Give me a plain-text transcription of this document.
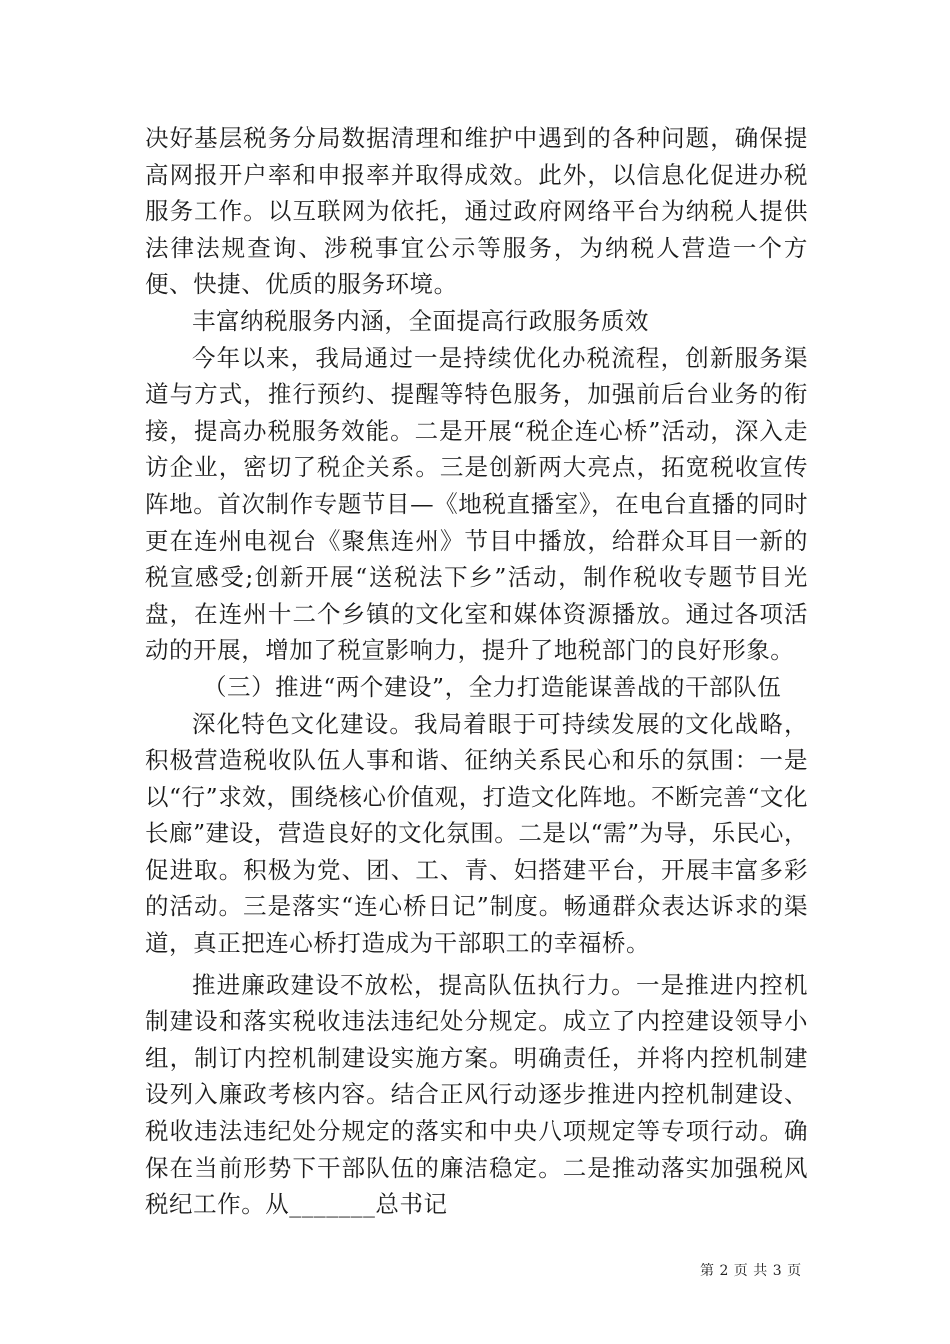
决好基层税务分局数据清理和维护中遇到的各种问题，确保提高网报开户率和申报率并取得成效。此外，以信息化促进办税服务工作。以互联网为依托，通过政府网络平台为纳税人提供法律法规查询、涉税事宜公示等服务，为纳税人营造一个方便、快捷、优质的服务环境。

丰富纳税服务内涵，全面提高行政服务质效

今年以来，我局通过一是持续优化办税流程，创新服务渠道与方式，推行预约、提醒等特色服务，加强前后台业务的衔接，提高办税服务效能。二是开展“税企连心桥”活动，深入走访企业，密切了税企关系。三是创新两大亮点，拓宽税收宣传阵地。首次制作专题节目—《地税直播室》，在电台直播的同时更在连州电视台《聚焦连州》节目中播放，给群众耳目一新的税宣感受;创新开展“送税法下乡”活动，制作税收专题节目光盘，在连州十二个乡镇的文化室和媒体资源播放。通过各项活动的开展，增加了税宣影响力，提升了地税部门的良好形象。

（三）推进“两个建设”，全力打造能谋善战的干部队伍

深化特色文化建设。我局着眼于可持续发展的文化战略，积极营造税收队伍人事和谐、征纳关系民心和乐的氛围：一是以“行”求效，围绕核心价值观，打造文化阵地。不断完善“文化长廊”建设，营造良好的文化氛围。二是以“需”为导，乐民心，促进取。积极为党、团、工、青、妇搭建平台，开展丰富多彩的活动。三是落实“连心桥日记”制度。畅通群众表达诉求的渠道，真正把连心桥打造成为干部职工的幸福桥。

推进廉政建设不放松，提高队伍执行力。一是推进内控机制建设和落实税收违法违纪处分规定。成立了内控建设领导小组，制订内控机制建设实施方案。明确责任，并将内控机制建设列入廉政考核内容。结合正风行动逐步推进内控机制建设、税收违法违纪处分规定的落实和中央八项规定等专项行动。确保在当前形势下干部队伍的廉洁稳定。二是推动落实加强税风税纪工作。从_______总书记

第 2 页 共 3 页
